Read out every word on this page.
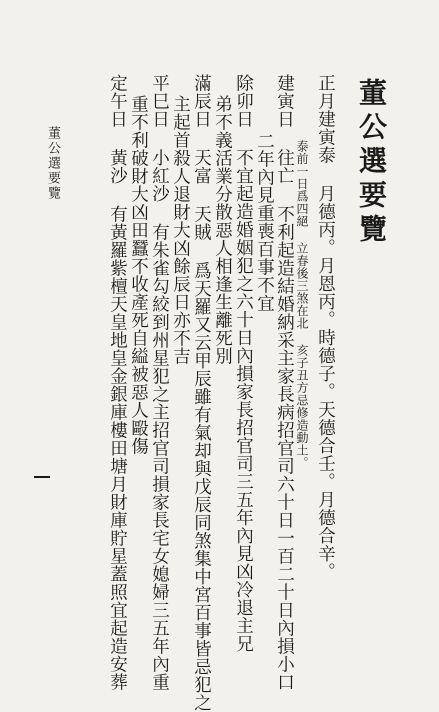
董公選要覽
正月建寅泰 月德丙。月恩丙。時德子。天德合壬。月德合辛。
泰前一日爲四絕 立春後三煞在北 亥子丑方忌修造動土。
建寅日 往亡 不利起造結婚納采主家長病招官司六十日一百二十日內損小口
二年內見重喪百事不宜
除卯日 不宜起造婚姻犯之六十日內損家長招官司三五年內見凶冷退主兄
弟不義活業分散惡人相逢生離死別
滿辰日 天富 天賊 爲天羅又云甲辰雖有氣却與戊辰同煞集中宮百事皆忌犯之
主起首殺人退財大凶餘辰日亦不吉
平巳日 小紅沙 有朱雀勾絞到州星犯之主招官司損家長宅女媳婦三五年內重
重不利破財大凶田蠶不收產死自縊被惡人毆傷
定午日 黃沙 有黃羅紫檀天皇地皇金銀庫樓田塘月財庫貯星蓋照宜起造安葬
董公選要覽
